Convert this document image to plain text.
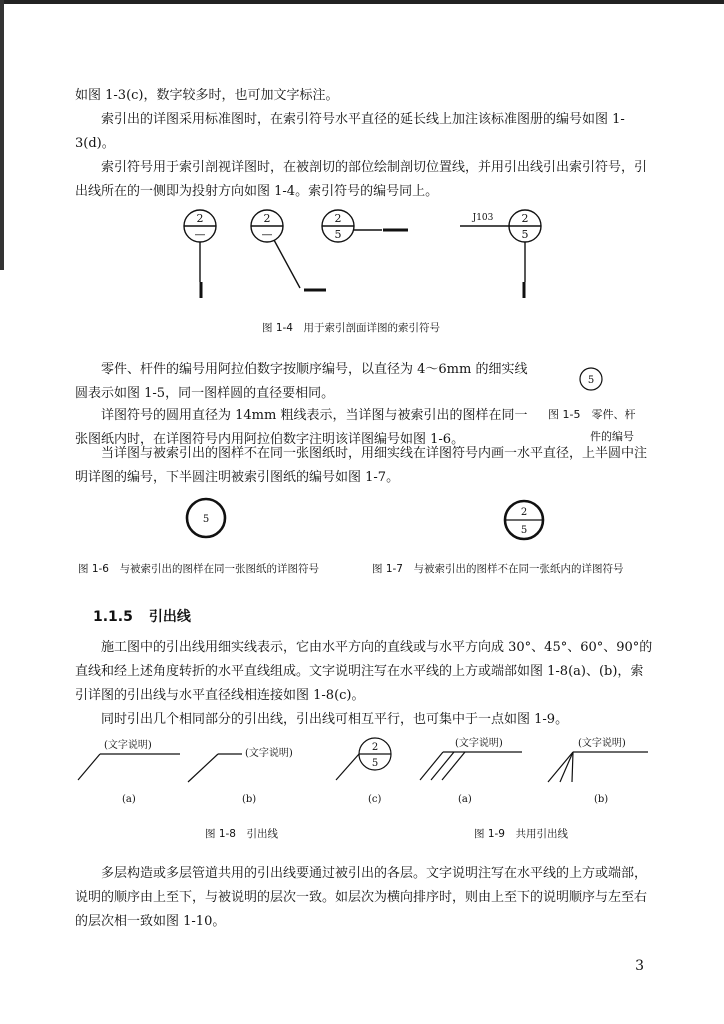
如图 1-3(c)，数字较多时，也可加文字标注。

索引出的详图采用标准图时，在索引符号水平直径的延长线上加注该标准图册的编号如图 1-3(d)。

索引符号用于索引剖视详图时，在被剖切的部位绘制剖切位置线，并用引出线引出索引符号，引出线所在的一侧即为投射方向如图 1-4。索引符号的编号同上。

2
—
2
—
2
5
J103	2
5
图 1-4　用于索引剖面详图的索引符号

零件、杆件的编号用阿拉伯数字按顺序编号，以直径为 4～6mm 的细实线圆表示如图 1-5，同一图样圆的直径要相同。

详图符号的圆用直径为 14mm 粗线表示，当详图与被索引出的图样在同一张图纸内时，在详图符号内用阿拉伯数字注明该详图编号如图 1-6。

当详图与被索引出的图样不在同一张图纸时，用细实线在详图符号内画一水平直径，上半圆中注明详图的编号，下半圆注明被索引图纸的编号如图 1-7。

5
图 1-5　零件、杆
件的编号
5
图 1-6　与被索引出的图样在同一张图纸的详图符号
2
5
图 1-7　与被索引出的图样不在同一张纸内的详图符号
1.1.5 引出线

施工图中的引出线用细实线表示，它由水平方向的直线或与水平方向成 30°、45°、60°、90°的直线和经上述角度转折的水平直线组成。文字说明注写在水平线的上方或端部如图 1-8(a)、(b)，索引详图的引出线与水平直径线相连接如图 1-8(c)。

同时引出几个相同部分的引出线，引出线可相互平行，也可集中于一点如图 1-9。

(文字说明)
(文字说明)
2
5
(文字说明)	(文字说明)
(a)	(b)	(c)	(a)	(b)
图 1-8　引出线	图 1-9　共用引出线

多层构造或多层管道共用的引出线要通过被引出的各层。文字说明注写在水平线的上方或端部，说明的顺序由上至下，与被说明的层次一致。如层次为横向排序时，则由上至下的说明顺序与左至右的层次相一致如图 1-10。

3
